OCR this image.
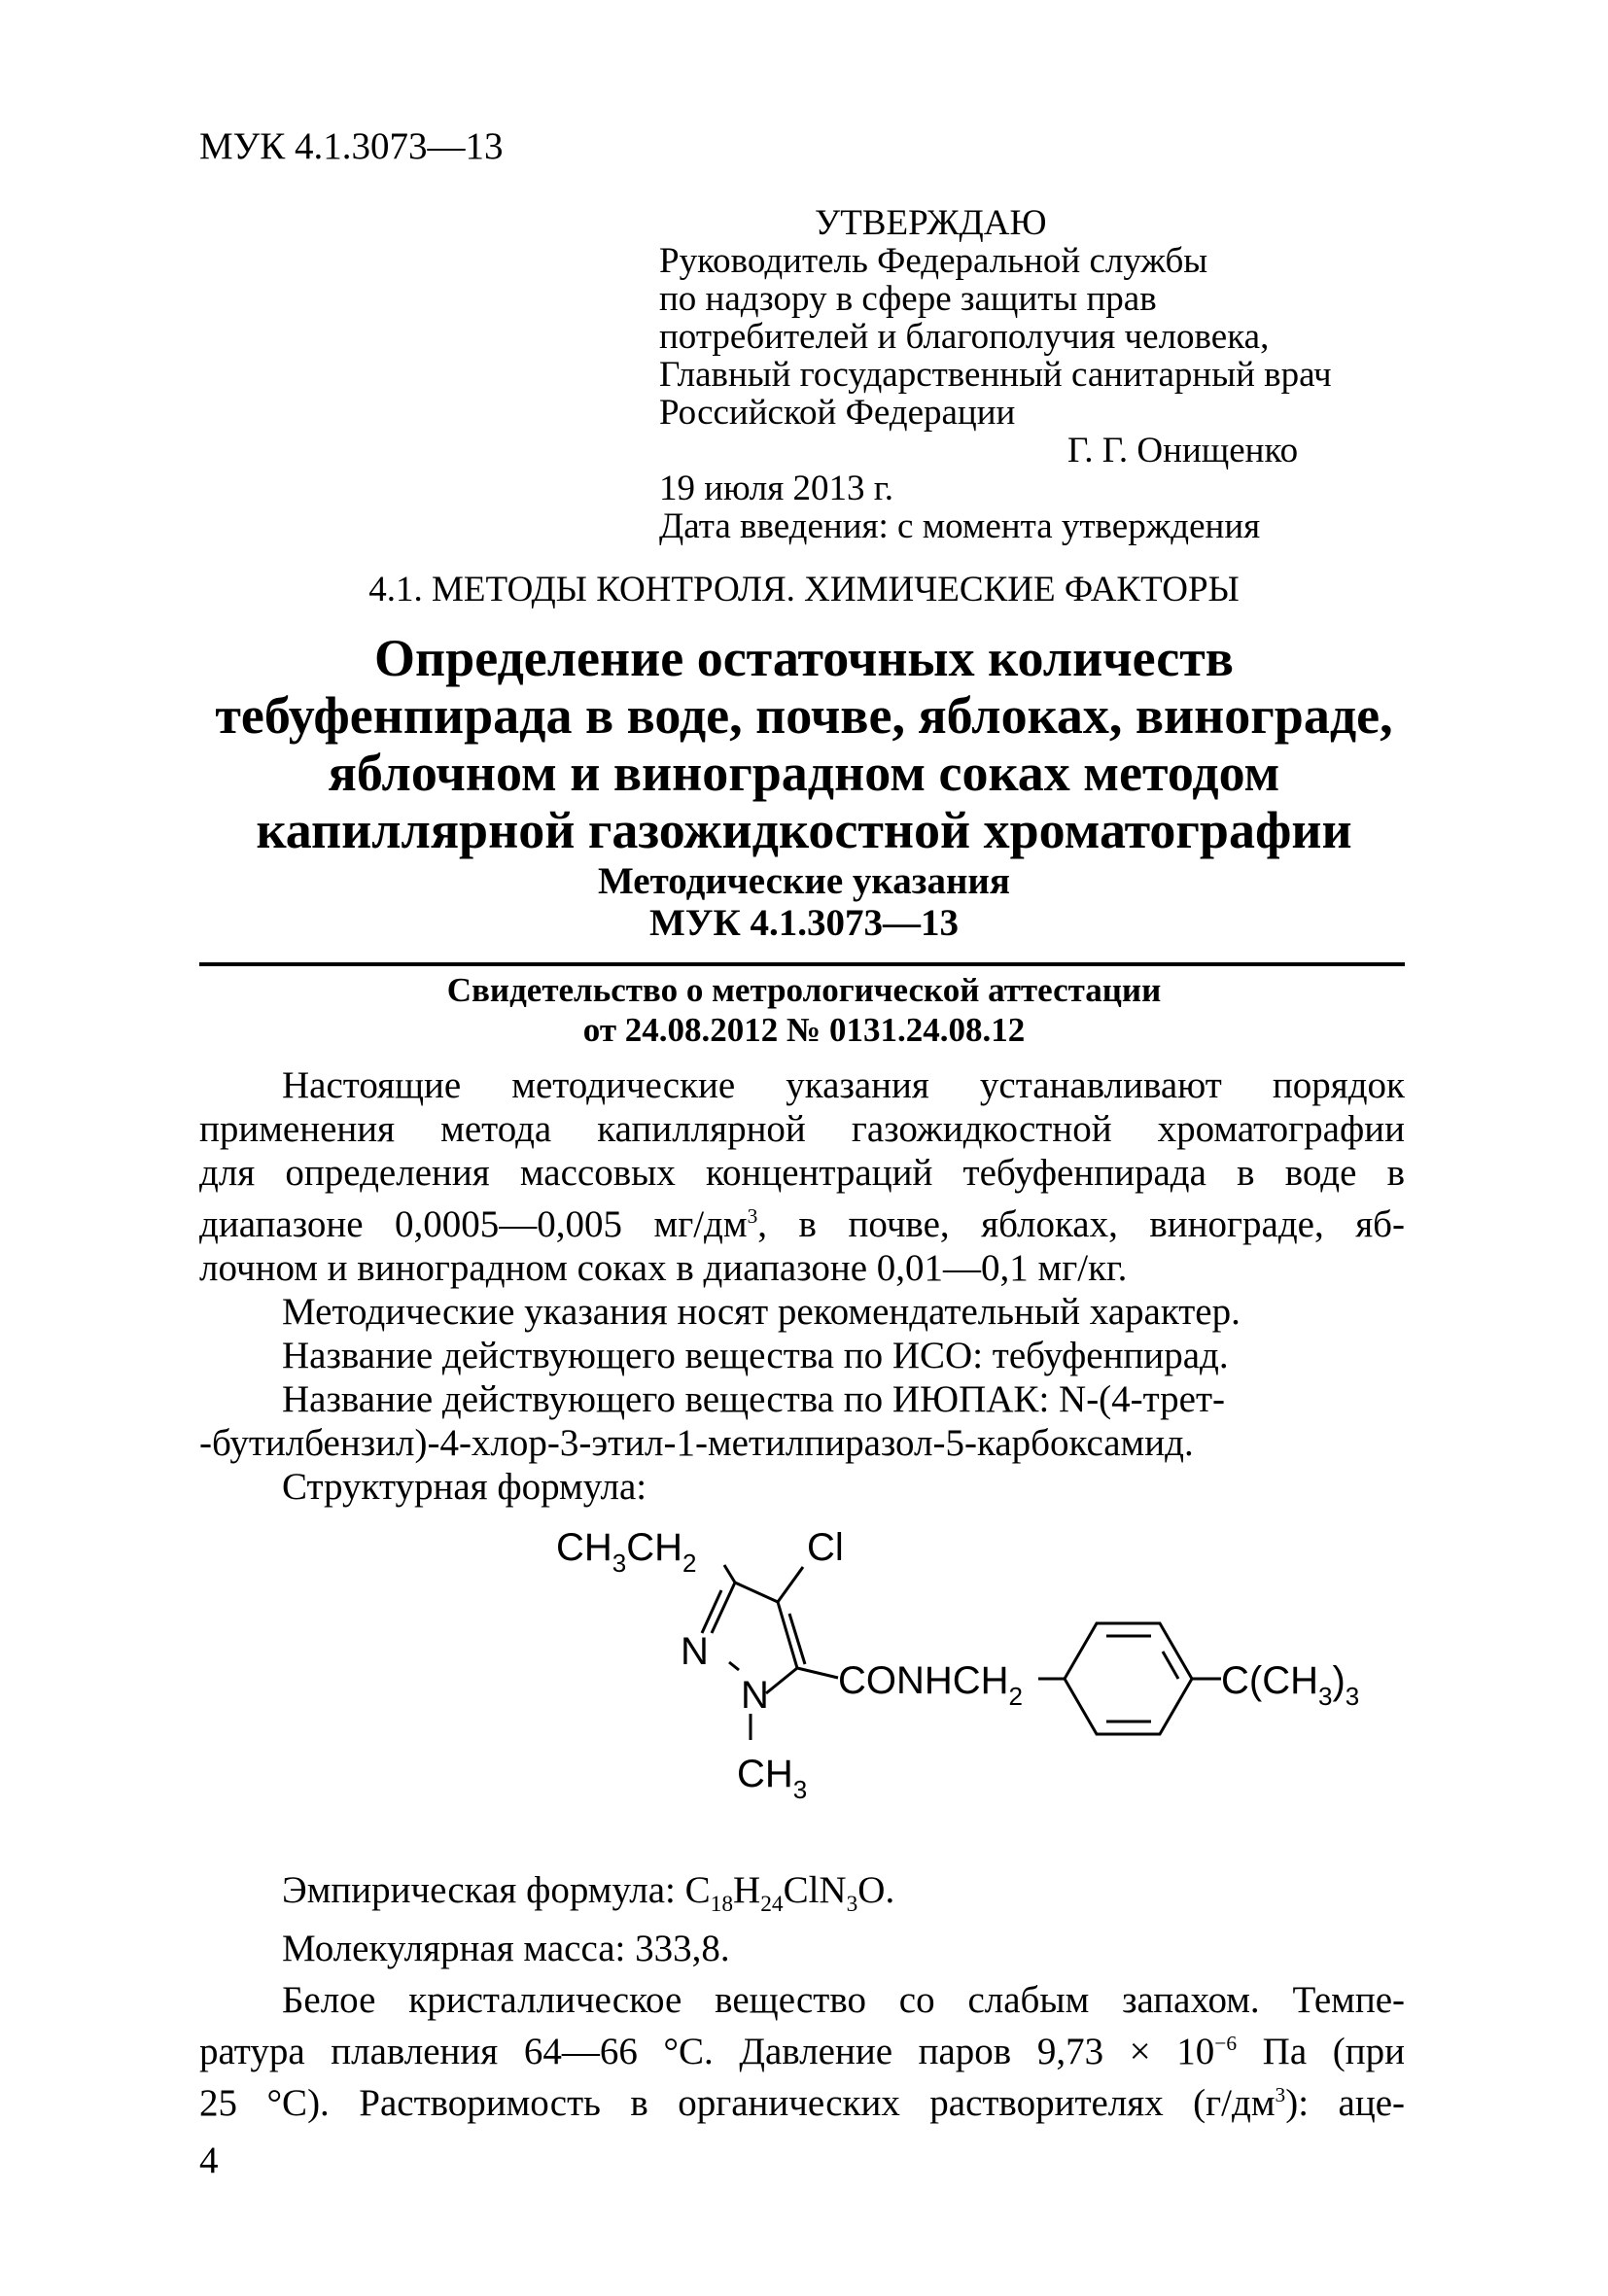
МУК 4.1.3073—13
УТВЕРЖДАЮ
Руководитель Федеральной службы
по надзору в сфере защиты прав
потребителей и благополучия человека,
Главный государственный санитарный врач
Российской Федерации
Г. Г. Онищенко
19 июля 2013 г.
Дата введения: с момента утверждения
4.1. МЕТОДЫ КОНТРОЛЯ. ХИМИЧЕСКИЕ ФАКТОРЫ
Определение остаточных количеств
тебуфенпирада в воде, почве, яблоках, винограде,
яблочном и виноградном соках методом
капиллярной газожидкостной хроматографии
Методические указания
МУК 4.1.3073—13
Свидетельство о метрологической аттестации
от 24.08.2012 № 0131.24.08.12
Настоящие методические указания устанавливают порядок
применения метода капиллярной газожидкостной хроматографии
для определения массовых концентраций тебуфенпирада в воде в
диапазоне 0,0005—0,005 $мг/дм^3$, в почве, яблоках, винограде, яб-
лочном и виноградном соках в диапазоне 0,01—0,1 мг/кг.
Методические указания носят рекомендательный характер.
Название действующего вещества по ИСО: тебуфенпирад.
Название действующего вещества по ИЮПАК: N-(4-трет-
-бутилбензил)-4-хлор-3-этил-1-метилпиразол-5-карбоксамид.
Структурная формула:
$CH_3CH_2$	Cl
N
N $CONHCH_2$	$C(CH_3)_3$
$CH_3$
Эмпирическая формула: $C_{18}H_{24}ClN_3O$.
Молекулярная масса: 333,8.
Белое кристаллическое вещество со слабым запахом. Темпе-
ратура плавления 64—66 °C. Давление паров $9,73 \times 10^{-6}$ Па (при
25 °C). Растворимость в органических растворителях $(г/дм^3)$: аце-
4
